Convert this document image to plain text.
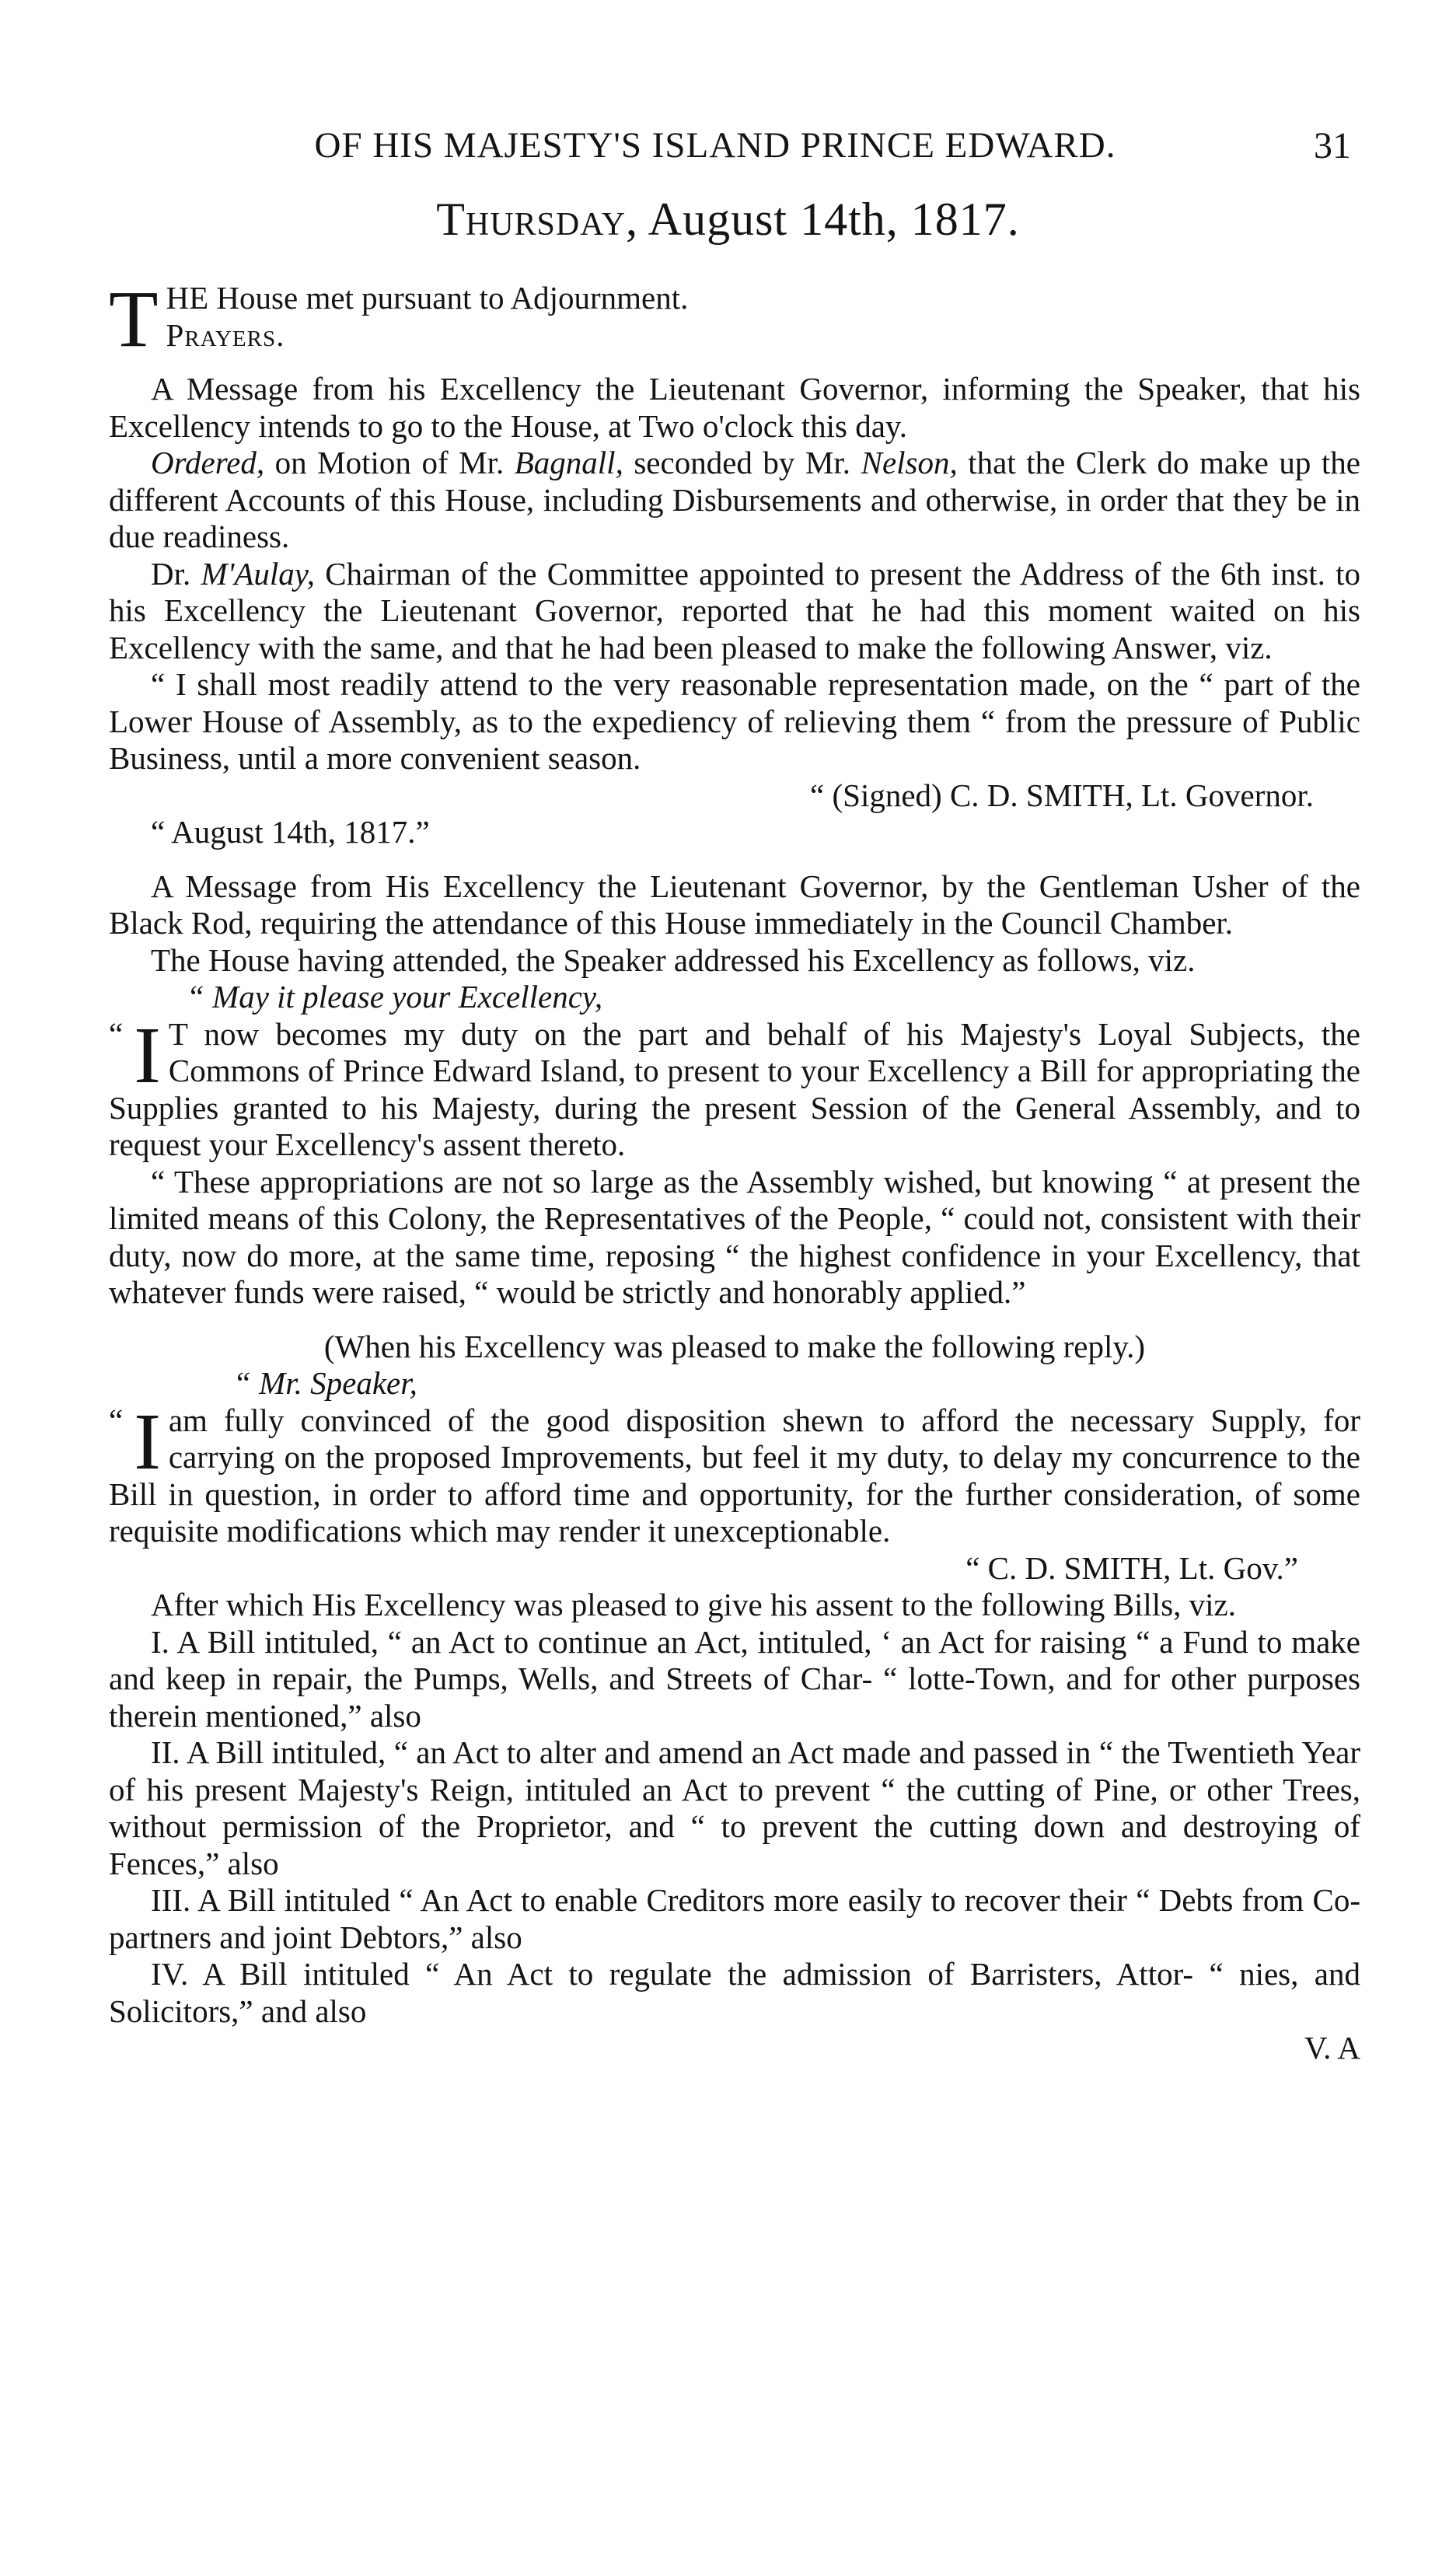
OF HIS MAJESTY'S ISLAND PRINCE EDWARD.	31
Thursday, August 14th, 1817.
T HE House met pursuant to Adjournment.

Prayers.

A Message from his Excellency the Lieutenant Governor, informing the Speaker, that his Excellency intends to go to the House, at Two o'clock this day.

Ordered, on Motion of Mr. Bagnall, seconded by Mr. Nelson, that the Clerk do make up the different Accounts of this House, including Disbursements and otherwise, in order that they be in due readiness.

Dr. M'Aulay, Chairman of the Committee appointed to present the Address of the 6th inst. to his Excellency the Lieutenant Governor, reported that he had this moment waited on his Excellency with the same, and that he had been pleased to make the following Answer, viz.

“ I shall most readily attend to the very reasonable representation made, on the “ part of the Lower House of Assembly, as to the expediency of relieving them “ from the pressure of Public Business, until a more convenient season.

“ (Signed) C. D. SMITH, Lt. Governor.

“ August 14th, 1817.”

A Message from His Excellency the Lieutenant Governor, by the Gentleman Usher of the Black Rod, requiring the attendance of this House immediately in the Council Chamber.

The House having attended, the Speaker addressed his Excellency as follows, viz.

“ May it please your Excellency,

“ I T now becomes my duty on the part and behalf of his Majesty's Loyal Subjects, the Commons of Prince Edward Island, to present to your Excellency a Bill for appropriating the Supplies granted to his Majesty, during the present Session of the General Assembly, and to request your Excellency's assent thereto.

“ These appropriations are not so large as the Assembly wished, but knowing “ at present the limited means of this Colony, the Representatives of the People, “ could not, consistent with their duty, now do more, at the same time, reposing “ the highest confidence in your Excellency, that whatever funds were raised, “ would be strictly and honorably applied.”

(When his Excellency was pleased to make the following reply.)

“ Mr. Speaker,

“ I am fully convinced of the good disposition shewn to afford the necessary Supply, for carrying on the proposed Improvements, but feel it my duty, to delay my concurrence to the Bill in question, in order to afford time and opportunity, for the further consideration, of some requisite modifications which may render it unexceptionable.

“ C. D. SMITH, Lt. Gov.”

After which His Excellency was pleased to give his assent to the following Bills, viz.

I. A Bill intituled, “ an Act to continue an Act, intituled, ‘ an Act for raising “ a Fund to make and keep in repair, the Pumps, Wells, and Streets of Char- “ lotte-Town, and for other purposes therein mentioned,” also

II. A Bill intituled, “ an Act to alter and amend an Act made and passed in “ the Twentieth Year of his present Majesty's Reign, intituled an Act to prevent “ the cutting of Pine, or other Trees, without permission of the Proprietor, and “ to prevent the cutting down and destroying of Fences,” also

III. A Bill intituled “ An Act to enable Creditors more easily to recover their “ Debts from Co-partners and joint Debtors,” also

IV. A Bill intituled “ An Act to regulate the admission of Barristers, Attor- “ nies, and Solicitors,” and also

V. A
